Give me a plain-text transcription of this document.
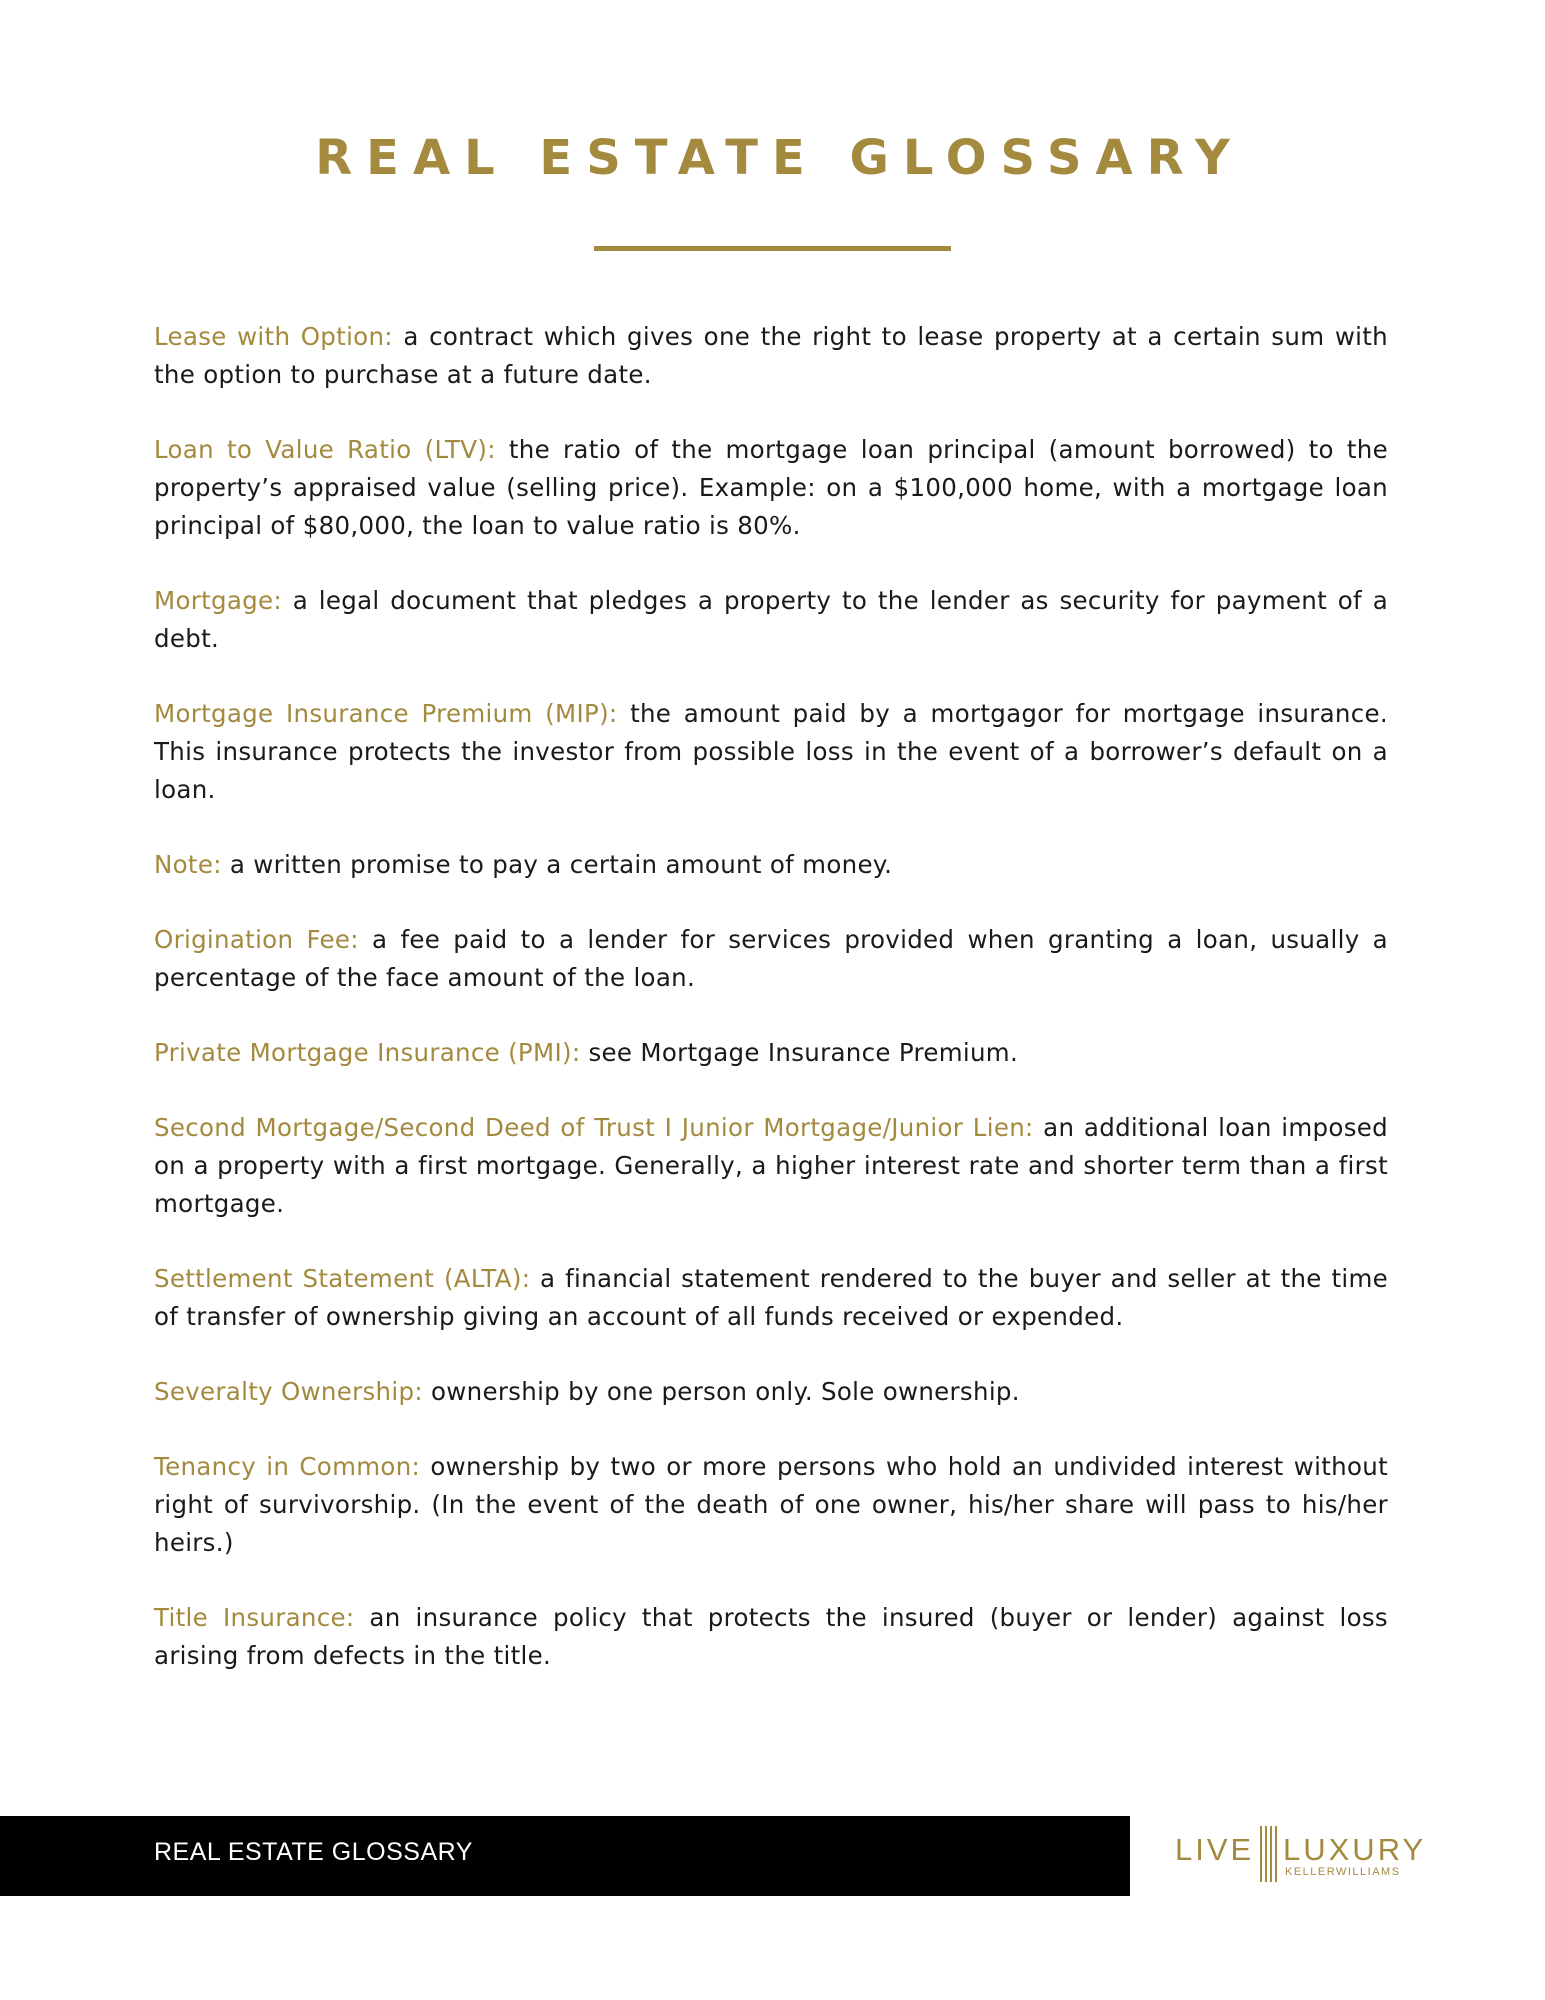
REAL ESTATE GLOSSARY

Lease with Option: a contract which gives one the right to lease property at a certain sum with the option to purchase at a future date.

Loan to Value Ratio (LTV): the ratio of the mortgage loan principal (amount borrowed) to the property’s appraised value (selling price). Example: on a $100,000 home, with a mortgage loan principal of $80,000, the loan to value ratio is 80%.

Mortgage: a legal document that pledges a property to the lender as security for payment of a debt.

Mortgage Insurance Premium (MIP): the amount paid by a mortgagor for mortgage insurance. This insurance protects the investor from possible loss in the event of a borrower’s default on a loan.

Note: a written promise to pay a certain amount of money.

Origination Fee: a fee paid to a lender for services provided when granting a loan, usually a percentage of the face amount of the loan.

Private Mortgage Insurance (PMI): see Mortgage Insurance Premium.

Second Mortgage/Second Deed of Trust I Junior Mortgage/Junior Lien: an additional loan imposed on a property with a first mortgage. Generally, a higher interest rate and shorter term than a first mortgage.

Settlement Statement (ALTA): a financial statement rendered to the buyer and seller at the time of transfer of ownership giving an account of all funds received or expended.

Severalty Ownership: ownership by one person only. Sole ownership.

Tenancy in Common: ownership by two or more persons who hold an undivided interest without right of survivorship. (In the event of the death of one owner, his/her share will pass to his/her heirs.)

Title Insurance: an insurance policy that protects the insured (buyer or lender) against loss arising from defects in the title.

REAL ESTATE GLOSSARY	LIVE LUXURY
KELLERWILLIAMS
